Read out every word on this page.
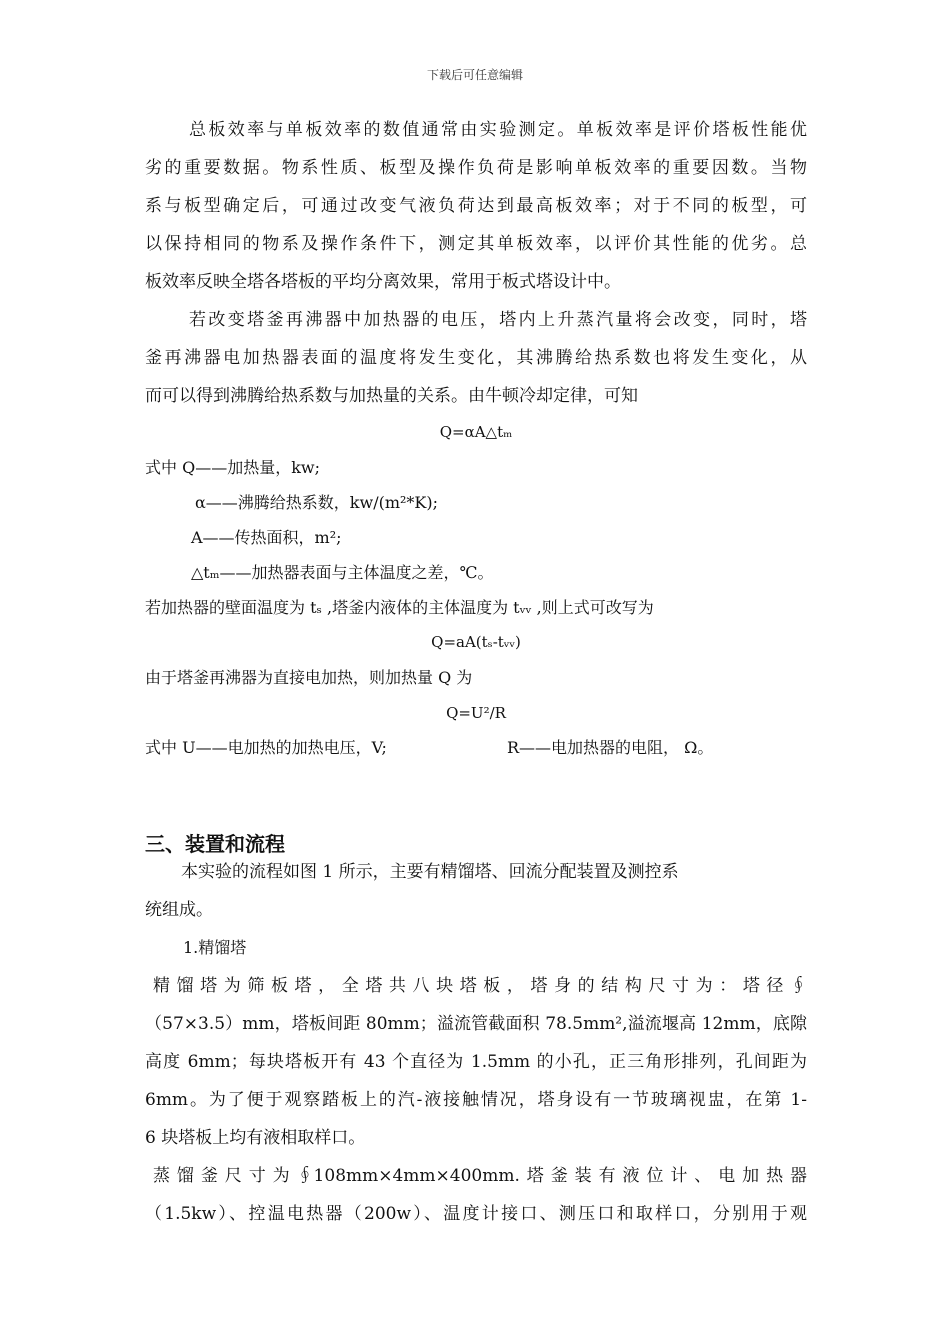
下载后可任意编辑
总板效率与单板效率的数值通常由实验测定。单板效率是评价塔板性能优
劣的重要数据。物系性质、板型及操作负荷是影响单板效率的重要因数。当物
系与板型确定后，可通过改变气液负荷达到最高板效率；对于不同的板型，可
以保持相同的物系及操作条件下，测定其单板效率，以评价其性能的优劣。总
板效率反映全塔各塔板的平均分离效果，常用于板式塔设计中。
若改变塔釜再沸器中加热器的电压，塔内上升蒸汽量将会改变，同时，塔
釜再沸器电加热器表面的温度将发生变化，其沸腾给热系数也将发生变化，从
而可以得到沸腾给热系数与加热量的关系。由牛顿冷却定律，可知
Q=αA△tₘ
式中 Q——加热量，kw;
α——沸腾给热系数，kw/(m²*K);
A——传热面积，m²;
△tₘ——加热器表面与主体温度之差，℃。
若加热器的壁面温度为 tₛ ,塔釜内液体的主体温度为 tᵥᵥ ,则上式可改写为
Q=aA(tₛ-tᵥᵥ)
由于塔釜再沸器为直接电加热，则加热量 Q 为
Q=U²/R
式中 U——电加热的加热电压，V;	R——电加热器的电阻， Ω。
三、装置和流程
本实验的流程如图 1 所示，主要有精馏塔、回流分配装置及测控系
统组成。
1.精馏塔
精馏塔为筛板塔，全塔共八块塔板，塔身的结构尺寸为：塔径∮
（57×3.5）mm，塔板间距 80mm；溢流管截面积 78.5mm²,溢流堰高 12mm，底隙
高度 6mm；每块塔板开有 43 个直径为 1.5mm 的小孔，正三角形排列，孔间距为
6mm。为了便于观察踏板上的汽-液接触情况，塔身设有一节玻璃视盅，在第 1-
6 块塔板上均有液相取样口。
蒸馏釜尺寸为∮108mm×4mm×400mm.塔釜装有液位计、电加热器
（1.5kw）、控温电热器（200w）、温度计接口、测压口和取样口，分别用于观
